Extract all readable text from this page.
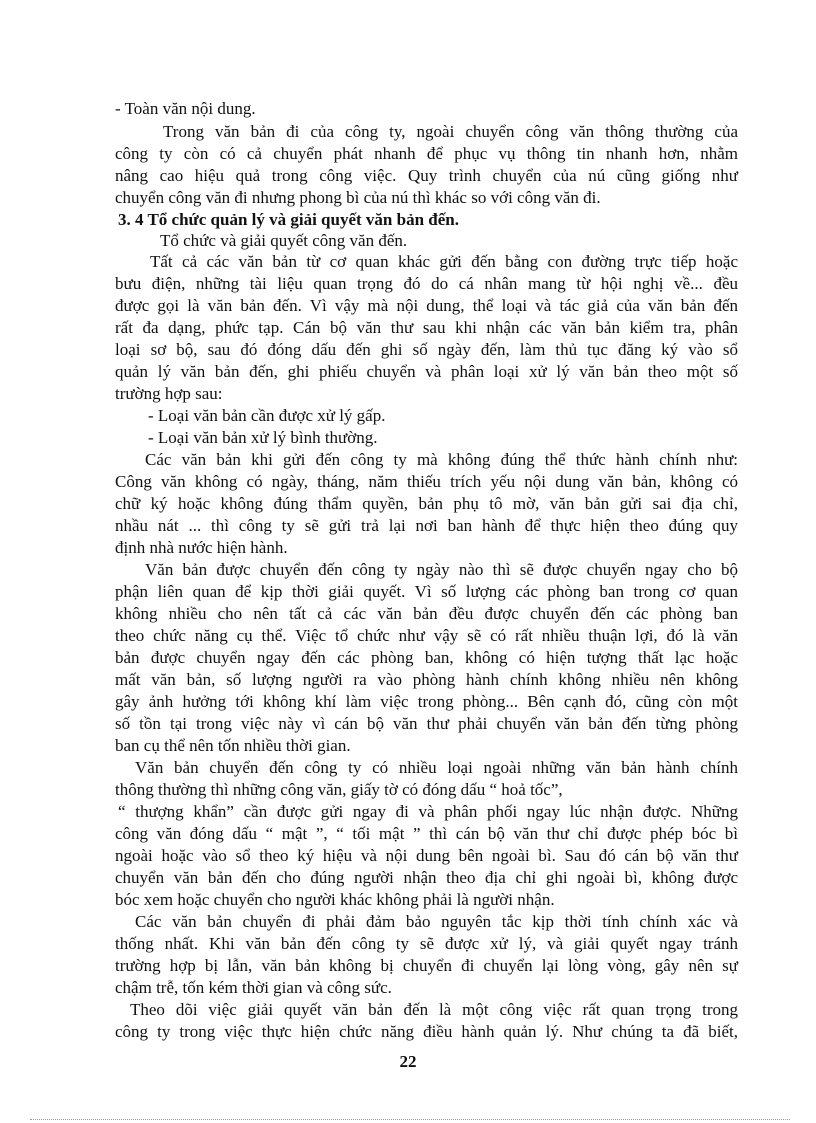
- Toàn văn nội dung.
Trong văn bản đi của công ty, ngoài chuyển công văn thông thường của
công ty còn có cả chuyển phát nhanh để phục vụ thông tin nhanh hơn, nhằm
nâng cao hiệu quả trong công việc. Quy trình chuyển của nú cũng giống như
chuyển công văn đi nhưng phong bì của nú thì khác so với công văn đi.
3. 4 Tổ chức quản lý và giải quyết văn bản đến.
Tổ chức và giải quyết công văn đến.
Tất cả các văn bản từ cơ quan khác gửi đến bằng con đường trực tiếp hoặc
bưu điện, những tài liệu quan trọng đó do cá nhân mang từ hội nghị về... đều
được gọi là văn bản đến. Vì vậy mà nội dung, thể loại và tác giả của văn bản đến
rất đa dạng, phức tạp. Cán bộ văn thư sau khi nhận các văn bản kiểm tra, phân
loại sơ bộ, sau đó đóng dấu đến ghi số ngày đến, làm thủ tục đăng ký vào sổ
quản lý văn bản đến, ghi phiếu chuyển và phân loại xử lý văn bản theo một số
trường hợp sau:
- Loại văn bản cần được xử lý gấp.
- Loại văn bản xử lý bình thường.
Các văn bản khi gửi đến công ty mà không đúng thể thức hành chính như:
Công văn không có ngày, tháng, năm thiếu trích yếu nội dung văn bản, không có
chữ ký hoặc không đúng thẩm quyền, bản phụ tô mờ, văn bản gửi sai địa chỉ,
nhầu nát ... thì công ty sẽ gửi trả lại nơi ban hành để thực hiện theo đúng quy
định nhà nước hiện hành.
Văn bản được chuyển đến công ty ngày nào thì sẽ được chuyển ngay cho bộ
phận liên quan để kịp thời giải quyết. Vì số lượng các phòng ban trong cơ quan
không nhiều cho nên tất cả các văn bản đều được chuyển đến các phòng ban
theo chức năng cụ thể. Việc tổ chức như vậy sẽ có rất nhiều thuận lợi, đó là văn
bản được chuyển ngay đến các phòng ban, không có hiện tượng thất lạc hoặc
mất văn bản, số lượng người ra vào phòng hành chính không nhiều nên không
gây ảnh hưởng tới không khí làm việc trong phòng... Bên cạnh đó, cũng còn một
số tồn tại trong việc này vì cán bộ văn thư phải chuyển văn bản đến từng phòng
ban cụ thể nên tốn nhiều thời gian.
Văn bản chuyển đến công ty có nhiều loại ngoài những văn bản hành chính
thông thường thì những công văn, giấy tờ có đóng dấu “ hoả tốc”,
“ thượng khẩn” cần được gửi ngay đi và phân phối ngay lúc nhận được. Những
công văn đóng dấu “ mật ”, “ tối mật ” thì cán bộ văn thư chỉ được phép bóc bì
ngoài hoặc vào sổ theo ký hiệu và nội dung bên ngoài bì. Sau đó cán bộ văn thư
chuyển văn bản đến cho đúng người nhận theo địa chỉ ghi ngoài bì, không được
bóc xem hoặc chuyển cho người khác không phải là người nhận.
Các văn bản chuyển đi phải đảm bảo nguyên tắc kịp thời tính chính xác và
thống nhất. Khi văn bản đến công ty sẽ được xử lý, và giải quyết ngay tránh
trường hợp bị lẫn, văn bản không bị chuyển đi chuyển lại lòng vòng, gây nên sự
chậm trễ, tốn kém thời gian và công sức.
Theo dõi việc giải quyết văn bản đến là một công việc rất quan trọng trong
công ty trong việc thực hiện chức năng điều hành quản lý. Như chúng ta đã biết,
22
